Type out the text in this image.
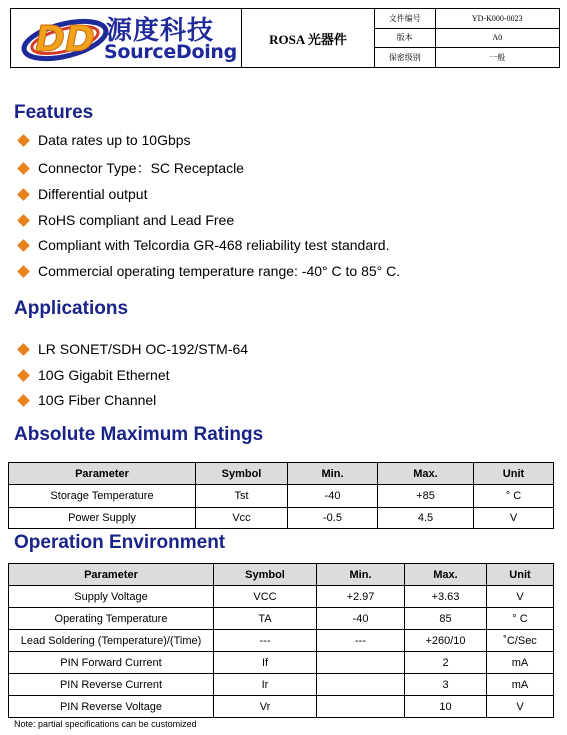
DD 源度科技
SourceDoing
ROSA 光器件
文件编号	YD-K000-0023
版本	A0
保密级别	一般
Features
Data rates up to 10Gbps
Connector Type：SC Receptacle
Differential output
RoHS compliant and Lead Free
Compliant with Telcordia GR-468 reliability test standard.
Commercial operating temperature range: -40° C to 85° C.
Applications
LR SONET/SDH OC-192/STM-64
10G Gigabit Ethernet
10G Fiber Channel
Absolute Maximum Ratings
Parameter	Symbol	Min.	Max.	Unit
Storage Temperature	Tst	-40	+85	° C
Power Supply	Vcc	-0.5	4.5	V
Operation Environment
Parameter	Symbol	Min.	Max.	Unit
Supply Voltage	VCC	+2.97	+3.63	V
Operating Temperature	TA	-40	85	° C
Lead Soldering (Temperature)/(Time)	---	---	+260/10	˚C/Sec
PIN Forward Current	If		2	mA
PIN Reverse Current	Ir		3	mA
PIN Reverse Voltage	Vr		10	V
Note: partial specifications can be customized
